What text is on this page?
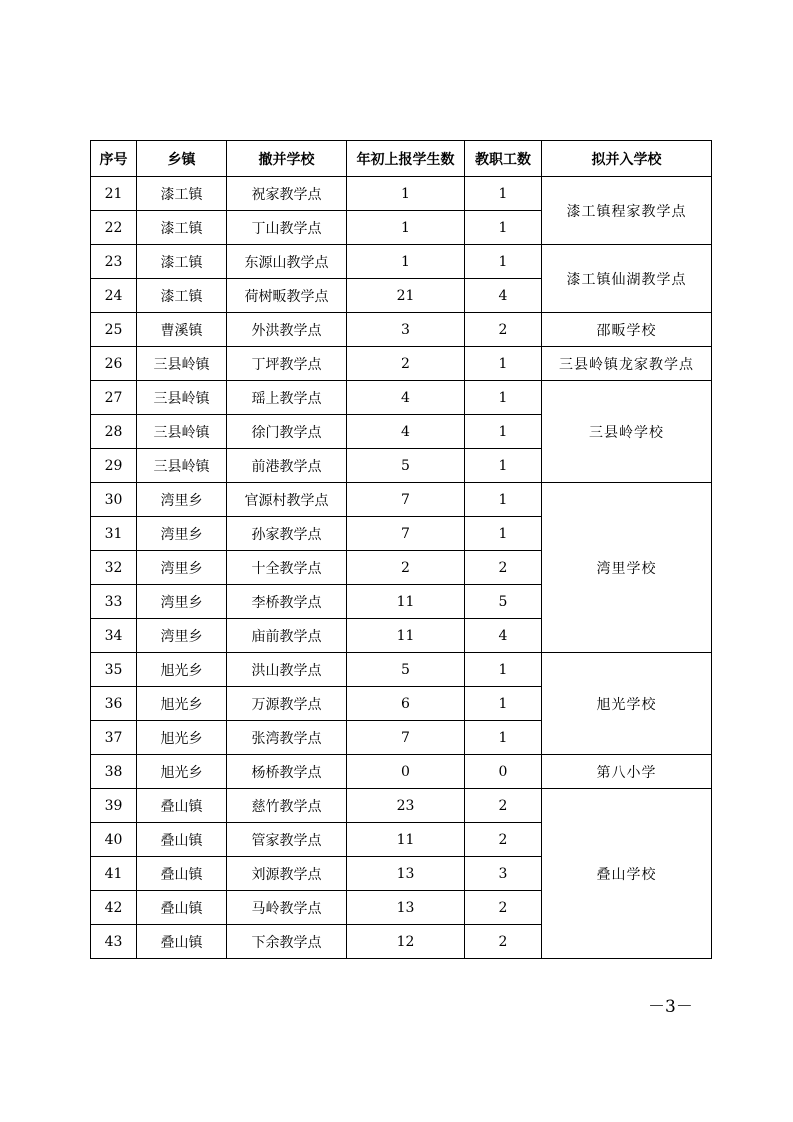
序号	乡镇	撤并学校	年初上报学生数	教职工数	拟并入学校
21	漆工镇	祝家教学点	1	1	漆工镇程家教学点
22	漆工镇	丁山教学点	1	1	
23	漆工镇	东源山教学点	1	1	漆工镇仙湖教学点
24	漆工镇	荷树畈教学点	21	4	
25	曹溪镇	外洪教学点	3	2	邵畈学校
26	三县岭镇	丁坪教学点	2	1	三县岭镇龙家教学点
27	三县岭镇	瑶上教学点	4	1	三县岭学校
28	三县岭镇	徐门教学点	4	1	
29	三县岭镇	前港教学点	5	1	
30	湾里乡	官源村教学点	7	1	湾里学校
31	湾里乡	孙家教学点	7	1	
32	湾里乡	十全教学点	2	2	
33	湾里乡	李桥教学点	11	5	
34	湾里乡	庙前教学点	11	4	
35	旭光乡	洪山教学点	5	1	旭光学校
36	旭光乡	万源教学点	6	1	
37	旭光乡	张湾教学点	7	1	
38	旭光乡	杨桥教学点	0	0	第八小学
39	叠山镇	慈竹教学点	23	2	叠山学校
40	叠山镇	管家教学点	11	2	
41	叠山镇	刘源教学点	13	3	
42	叠山镇	马岭教学点	13	2	
43	叠山镇	下余教学点	12	2	
－3－
